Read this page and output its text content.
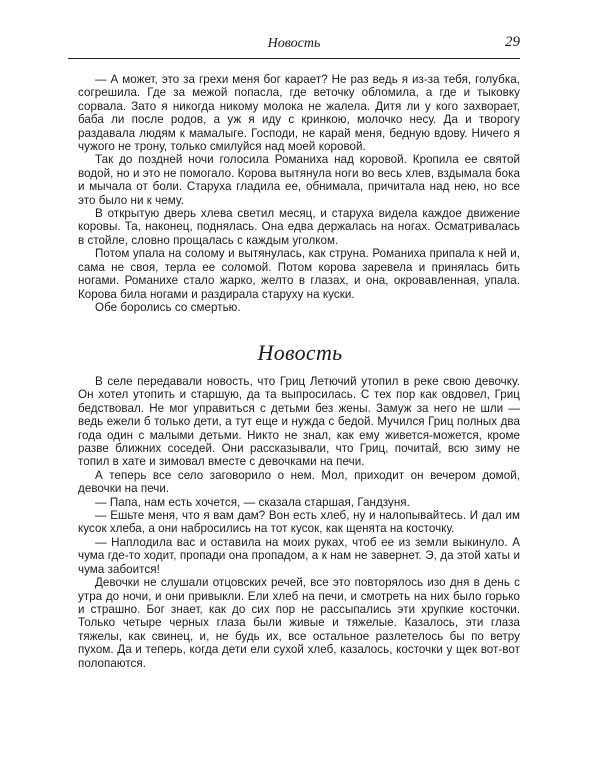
Новость	29

— А может, это за грехи меня бог карает? Не раз ведь я из-за тебя, голубка, согрешила. Где за межой попасла, где веточку обломила, а где и тыковку сорвала. Зато я никогда никому молока не жалела. Дитя ли у кого захворает, баба ли после родов, а уж я иду с кринкою, молочко несу. Да и творогу раздавала людям к мамалыге. Господи, не карай меня, бедную вдову. Ничего я чужого не трону, только смилуйся над моей коровой.

Так до поздней ночи голосила Романиха над коровой. Кропила ее святой водой, но и это не помогало. Корова вытянула ноги во весь хлев, вздымала бока и мычала от боли. Старуха гладила ее, обнимала, причитала над нею, но все это было ни к чему.

В открытую дверь хлева светил месяц, и старуха видела каждое движение коровы. Та, наконец, поднялась. Она едва держалась на ногах. Осматривалась в стойле, словно прощалась с каждым уголком.

Потом упала на солому и вытянулась, как струна. Романиха припала к ней и, сама не своя, терла ее соломой. Потом корова заревела и принялась бить ногами. Романихе стало жарко, желто в глазах, и она, окровавленная, упала. Корова била ногами и раздирала старуху на куски.

Обе боролись со смертью.

Новость

В селе передавали новость, что Гриц Летючий утопил в реке свою девочку. Он хотел утопить и старшую, да та выпросилась. С тех пор как овдовел, Гриц бедствовал. Не мог управиться с детьми без жены. Замуж за него не шли — ведь ежели б только дети, а тут еще и нужда с бедой. Мучился Гриц полных два года один с малыми детьми. Никто не знал, как ему живется-можется, кроме разве ближних соседей. Они рассказывали, что Гриц, почитай, всю зиму не топил в хате и зимовал вместе с девочками на печи.

А теперь все село заговорило о нем. Мол, приходит он вечером домой, девочки на печи.

— Папа, нам есть хочется, — сказала старшая, Гандзуня.

— Ешьте меня, что я вам дам? Вон есть хлеб, ну и налопывайтесь. И дал им кусок хлеба, а они набросились на тот кусок, как щенята на косточку.

— Наплодила вас и оставила на моих руках, чтоб ее из земли выкинуло. А чума где-то ходит, пропади она пропадом, а к нам не завернет. Э, да этой хаты и чума забоится!

Девочки не слушали отцовских речей, все это повторялось изо дня в день с утра до ночи, и они привыкли. Ели хлеб на печи, и смотреть на них было горько и страшно. Бог знает, как до сих пор не рассыпались эти хрупкие косточки. Только четыре черных глаза были живые и тяжелые. Казалось, эти глаза тяжелы, как свинец, и, не будь их, все остальное разлетелось бы по ветру пухом. Да и теперь, когда дети ели сухой хлеб, казалось, косточки у щек вот-вот полопаются.
